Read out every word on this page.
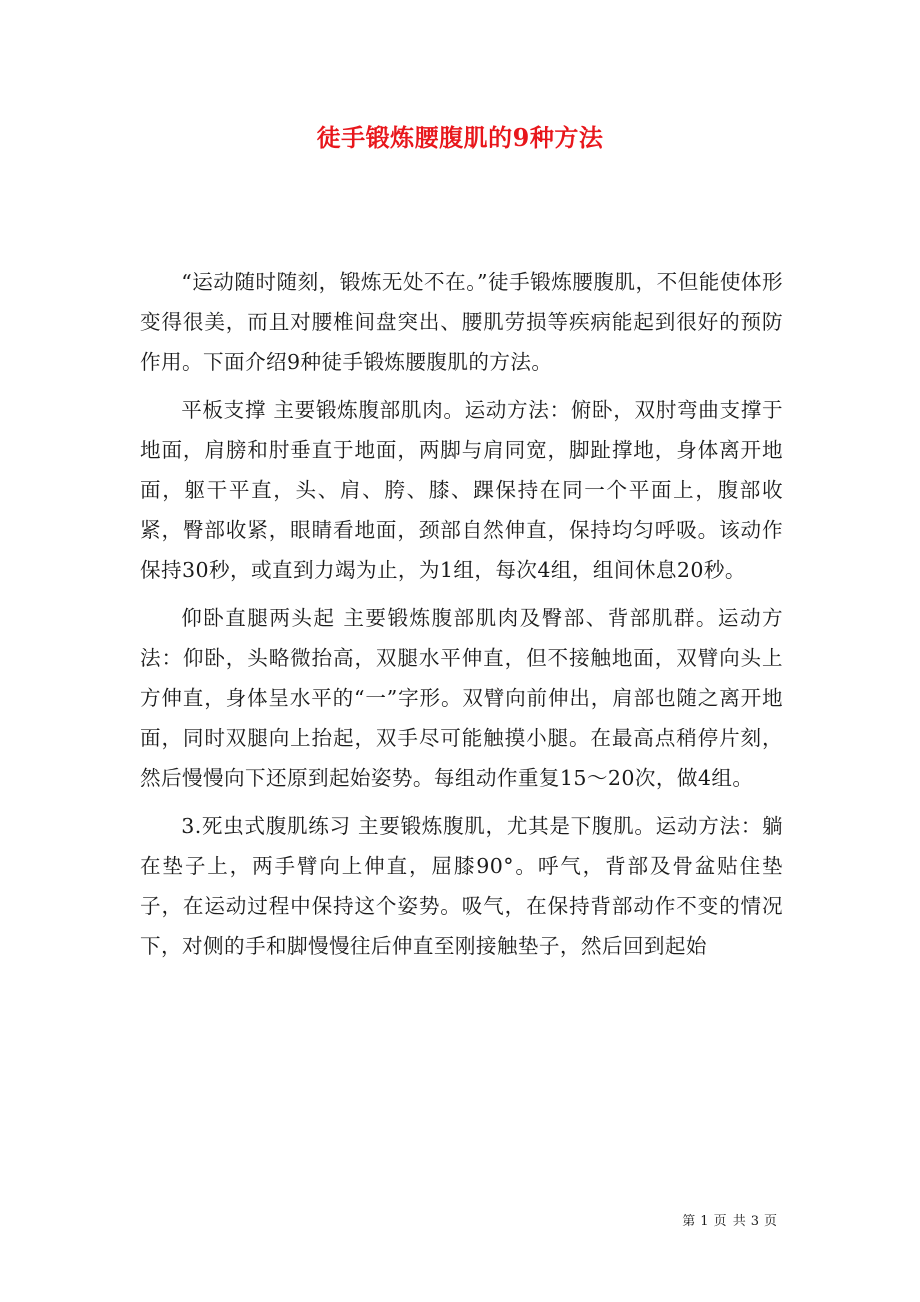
徒手锻炼腰腹肌的9种方法

“运动随时随刻，锻炼无处不在。”徒手锻炼腰腹肌，不但能使体形变得很美，而且对腰椎间盘突出、腰肌劳损等疾病能起到很好的预防作用。下面介绍9种徒手锻炼腰腹肌的方法。

平板支撑 主要锻炼腹部肌肉。运动方法：俯卧，双肘弯曲支撑于地面，肩膀和肘垂直于地面，两脚与肩同宽，脚趾撑地，身体离开地面，躯干平直，头、肩、胯、膝、踝保持在同一个平面上，腹部收紧，臀部收紧，眼睛看地面，颈部自然伸直，保持均匀呼吸。该动作保持30秒，或直到力竭为止，为1组，每次4组，组间休息20秒。

仰卧直腿两头起 主要锻炼腹部肌肉及臀部、背部肌群。运动方法：仰卧，头略微抬高，双腿水平伸直，但不接触地面，双臂向头上方伸直，身体呈水平的“一”字形。双臂向前伸出，肩部也随之离开地面，同时双腿向上抬起，双手尽可能触摸小腿。在最高点稍停片刻，然后慢慢向下还原到起始姿势。每组动作重复15～20次，做4组。

3.死虫式腹肌练习 主要锻炼腹肌，尤其是下腹肌。运动方法：躺在垫子上，两手臂向上伸直，屈膝90°。呼气，背部及骨盆贴住垫子，在运动过程中保持这个姿势。吸气，在保持背部动作不变的情况下，对侧的手和脚慢慢往后伸直至刚接触垫子，然后回到起始

第 1 页 共 3 页
